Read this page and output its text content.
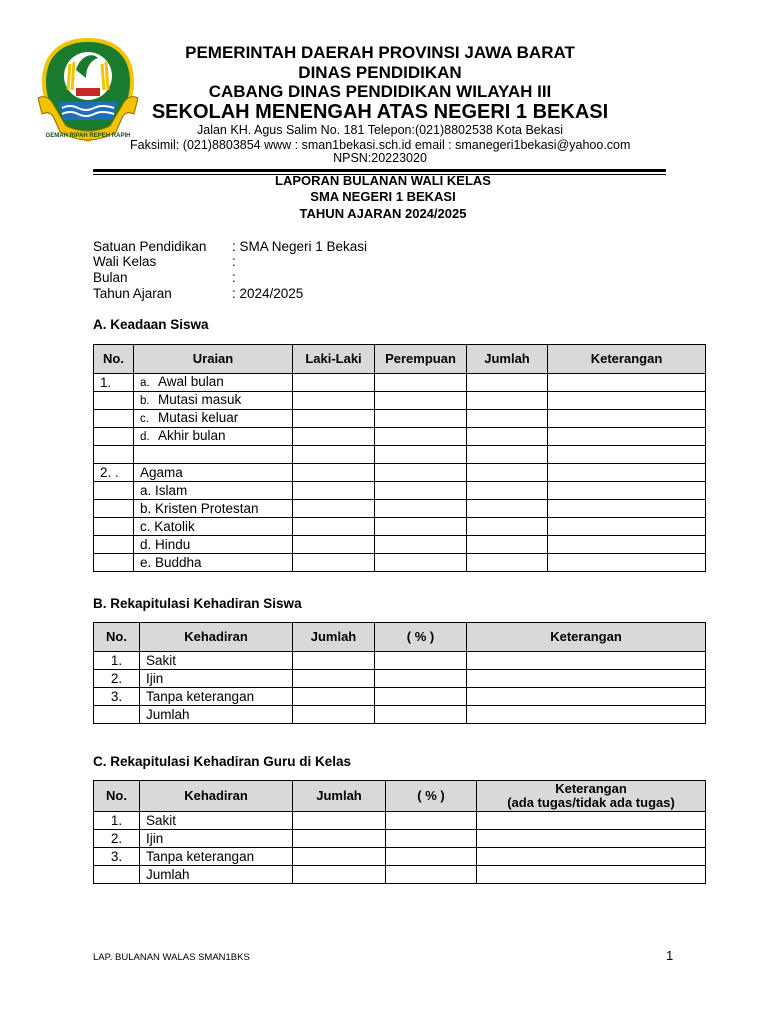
GEMAH RIPAH REPEH RAPIH
PEMERINTAH DAERAH PROVINSI JAWA BARAT
DINAS PENDIDIKAN
CABANG DINAS PENDIDIKAN WILAYAH III
SEKOLAH MENENGAH ATAS NEGERI 1 BEKASI
Jalan KH. Agus Salim No. 181 Telepon:(021)8802538 Kota Bekasi
Faksimil: (021)8803854 www : sman1bekasi.sch.id email : smanegeri1bekasi@yahoo.com
NPSN:20223020
LAPORAN BULANAN WALI KELAS
SMA NEGERI 1 BEKASI
TAHUN AJARAN 2024/2025
Satuan Pendidikan : SMA Negeri 1 Bekasi
Wali Kelas	:
Bulan	:
Tahun Ajaran	: 2024/2025
A. Keadaan Siswa
No.	Uraian	Laki-Laki	Perempuan	Jumlah	Keterangan
1.	a. Awal bulan				
	b. Mutasi masuk				
	c. Mutasi keluar				
	d. Akhir bulan				

2. .	Agama				
	a. Islam				
	b. Kristen Protestan				
	c. Katolik				
	d. Hindu				
	e. Buddha				
B. Rekapitulasi Kehadiran Siswa
No.	Kehadiran	Jumlah	( % )	Keterangan
1.	Sakit			
2.	Ijin			
3.	Tanpa keterangan			
	Jumlah			
C. Rekapitulasi Kehadiran Guru di Kelas
No.	Kehadiran	Jumlah	( % )	Keterangan
(ada tugas/tidak ada tugas)

1.	Sakit			
2.	Ijin			
3.	Tanpa keterangan			
	Jumlah			
LAP. BULANAN WALAS SMAN1BKS	1
